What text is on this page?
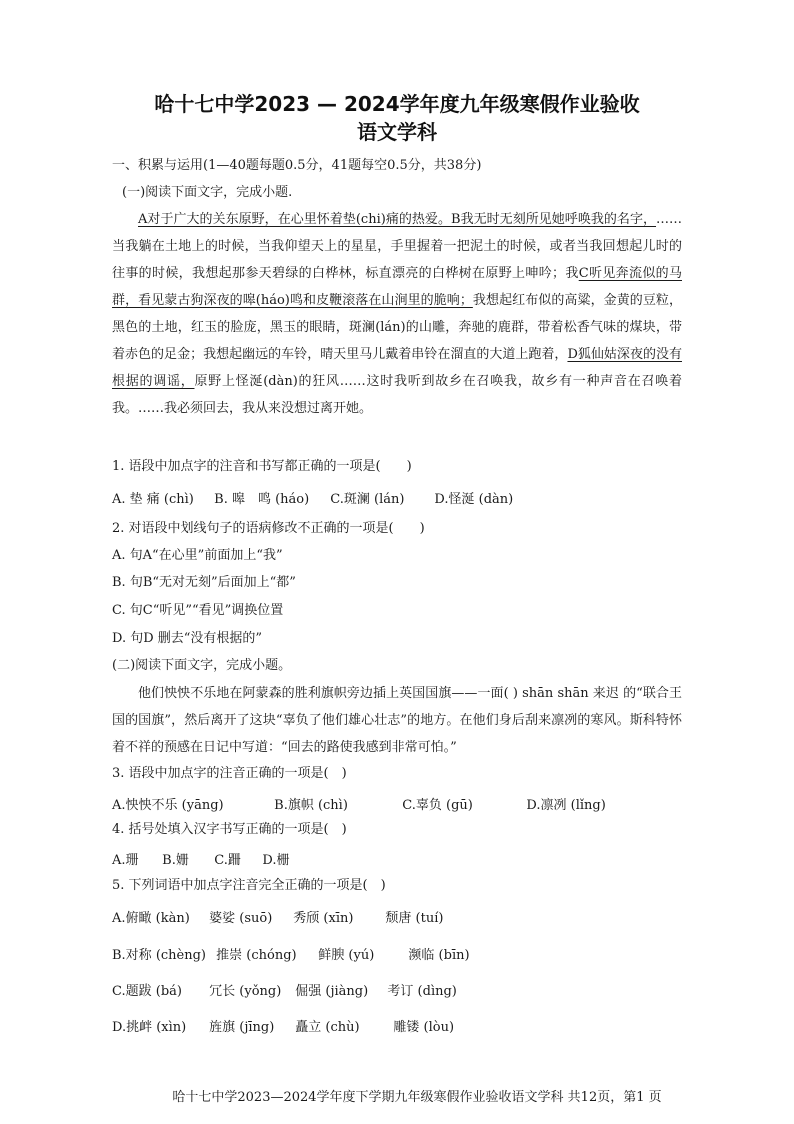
哈十七中学2023 — 2024学年度九年级寒假作业验收
语文学科
一、积累与运用(1—40题每题0.5分，41题每空0.5分，共38分)
(一)阅读下面文字，完成小题.

A对于广大的关东原野，在心里怀着垫(chi)痛的热爱。B我无时无刻所见她呼唤我的名字，……当我躺在土地上的时候，当我仰望天上的星星，手里握着一把泥土的时候，或者当我回想起儿时的往事的时候，我想起那参天碧绿的白桦林，标直漂亮的白桦树在原野上呻吟；我C听见奔流似的马群，看见蒙古狗深夜的嗥(háo)鸣和皮鞭滚落在山涧里的脆响；我想起红布似的高粱，金黄的豆粒，黑色的土地，红玉的脸庞，黑玉的眼睛，斑澜(lán)的山雕，奔驰的鹿群，带着松香气味的煤块，带着赤色的足金；我想起幽远的车铃，晴天里马儿戴着串铃在溜直的大道上跑着，D狐仙姑深夜的没有根据的调谣，原野上怪涎(dàn)的狂风……这时我听到故乡在召唤我，故乡有一种声音在召唤着我。……我必须回去，我从来没想过离开她。

1. 语段中加点字的注音和书写都正确的一项是(　　)
A. 垫 痛 (chì) B. 嗥　鸣 (háo) C.斑澜 (lán) D.怪涎 (dàn)
2. 对语段中划线句子的语病修改不正确的一项是(　　)
A. 句A“在心里”前面加上“我”
B. 句B“无对无刻”后面加上“都”
C. 句C“听见”“看见”调换位置
D. 句D 删去“没有根据的”
(二)阅读下面文字，完成小题。

他们怏怏不乐地在阿蒙森的胜利旗帜旁边插上英国国旗——一面( ) shān shān 来迟 的“联合王国的国旗”，然后离开了这块“辜负了他们雄心壮志”的地方。在他们身后刮来凛冽的寒风。斯科特怀着不祥的预感在日记中写道：“回去的路使我感到非常可怕。”

3. 语段中加点字的注音正确的一项是(　)
A.怏怏不乐 (yāng)	B.旗帜 (chì)	C.辜负 (gū)	D.凛冽 (lǐng)
4. 括号处填入汉字书写正确的一项是(　)
A.珊 B.姗 C.跚 D.栅
5. 下列词语中加点字注音完全正确的一项是(　)
A.俯瞰 (kàn) 婆娑 (suō) 秀颀 (xīn) 颓唐 (tuí)
B.对称 (chèng) 推崇 (chóng) 鲜腴 (yú)	濒临 (bīn)
C.题跋 (bá) 冗长 (yǒng) 倔强 (jiàng) 考订 (dìng)
D.挑衅 (xìn) 旌旗 (jīng) 矗立 (chù)	雕镂 (lòu)
哈十七中学2023—2024学年度下学期九年级寒假作业验收语文学科 共12页，第1 页
